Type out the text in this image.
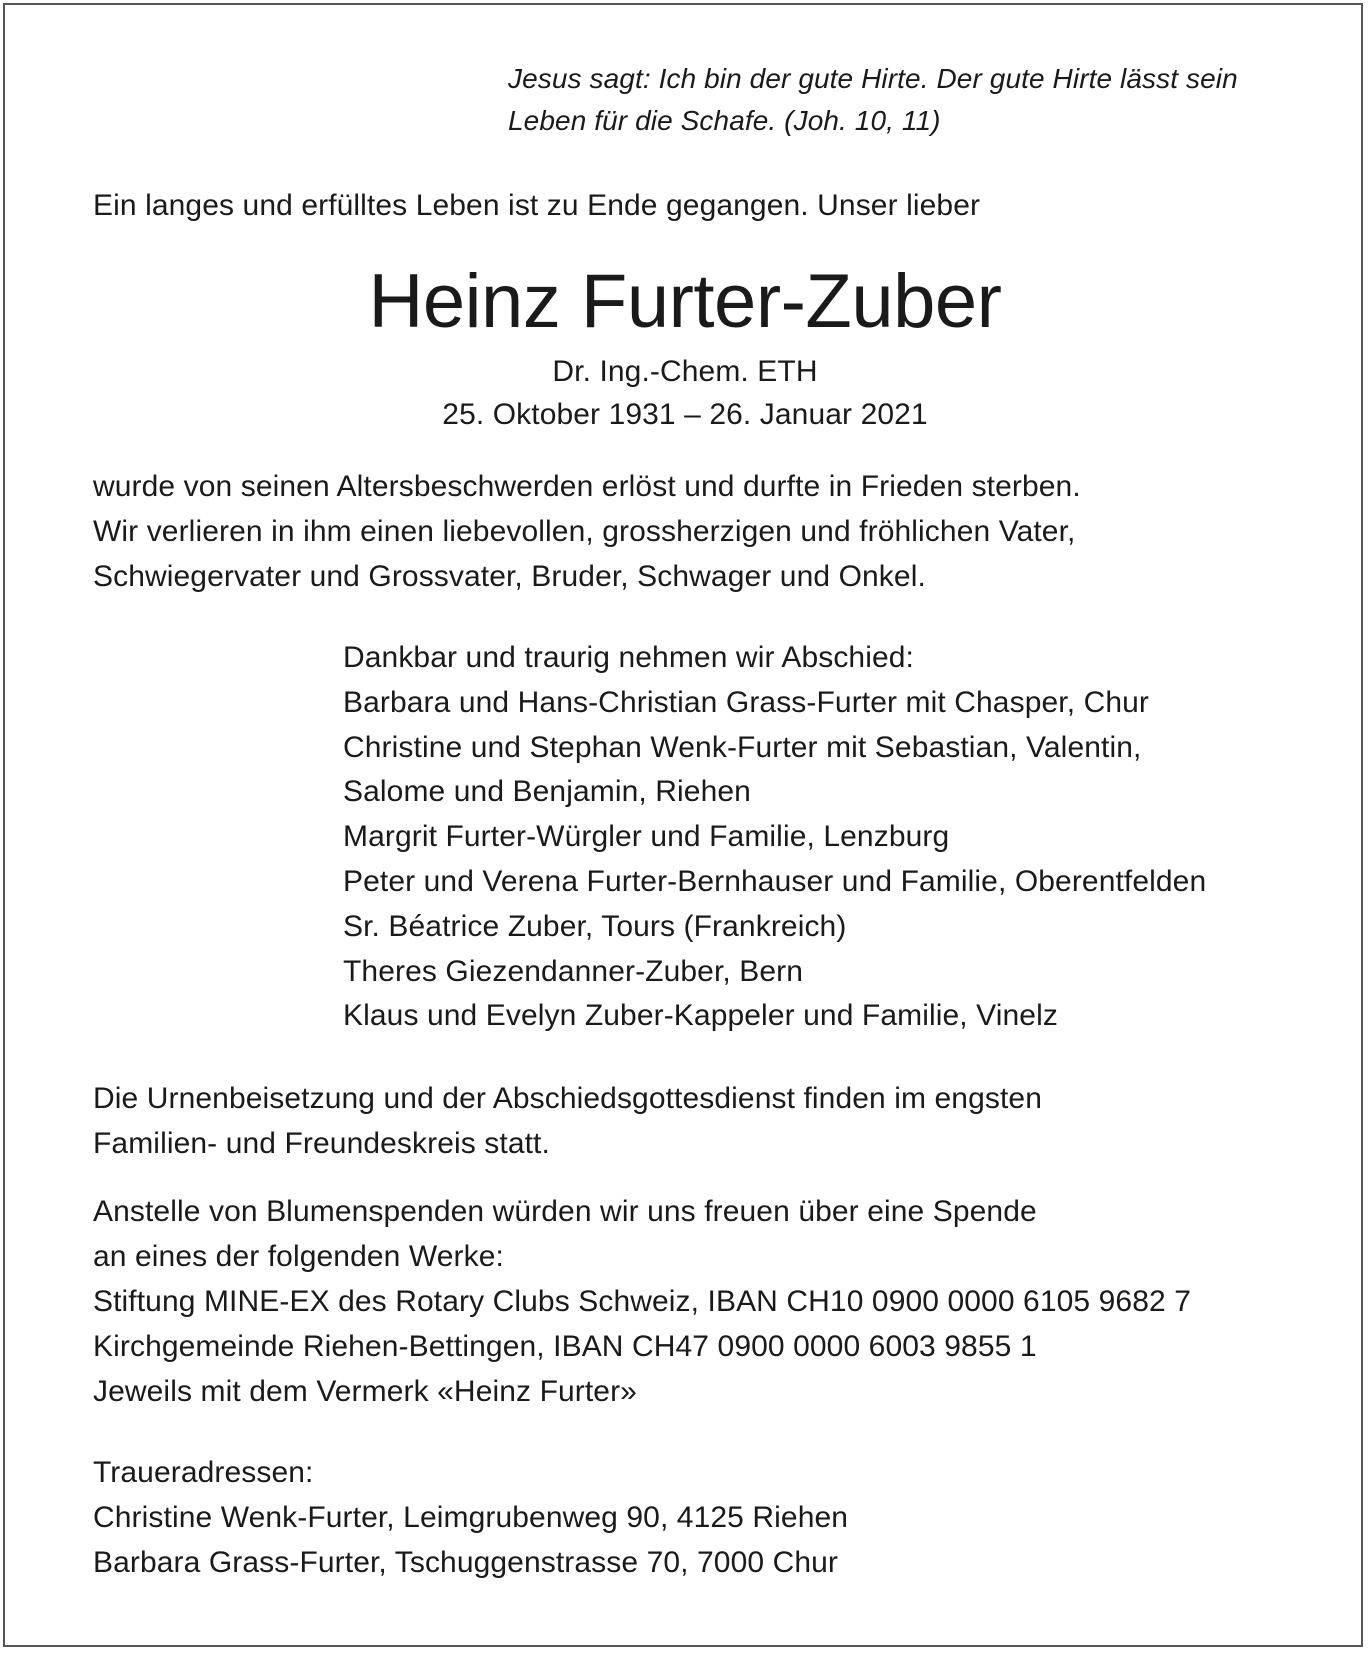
Jesus sagt: Ich bin der gute Hirte. Der gute Hirte lässt sein
Leben für die Schafe. (Joh. 10, 11)
Ein langes und erfülltes Leben ist zu Ende gegangen. Unser lieber
Heinz Furter-Zuber
Dr. Ing.-Chem. ETH
25. Oktober 1931 – 26. Januar 2021
wurde von seinen Altersbeschwerden erlöst und durfte in Frieden sterben.
Wir verlieren in ihm einen liebevollen, grossherzigen und fröhlichen Vater,
Schwiegervater und Grossvater, Bruder, Schwager und Onkel.
Dankbar und traurig nehmen wir Abschied:
Barbara und Hans-Christian Grass-Furter mit Chasper, Chur
Christine und Stephan Wenk-Furter mit Sebastian, Valentin,
Salome und Benjamin, Riehen
Margrit Furter-Würgler und Familie, Lenzburg
Peter und Verena Furter-Bernhauser und Familie, Oberentfelden
Sr. Béatrice Zuber, Tours (Frankreich)
Theres Giezendanner-Zuber, Bern
Klaus und Evelyn Zuber-Kappeler und Familie, Vinelz
Die Urnenbeisetzung und der Abschiedsgottesdienst finden im engsten
Familien- und Freundeskreis statt.
Anstelle von Blumenspenden würden wir uns freuen über eine Spende
an eines der folgenden Werke:
Stiftung MINE-EX des Rotary Clubs Schweiz, IBAN CH10 0900 0000 6105 9682 7
Kirchgemeinde Riehen-Bettingen, IBAN CH47 0900 0000 6003 9855 1
Jeweils mit dem Vermerk «Heinz Furter»
Traueradressen:
Christine Wenk-Furter, Leimgrubenweg 90, 4125 Riehen
Barbara Grass-Furter, Tschuggenstrasse 70, 7000 Chur
